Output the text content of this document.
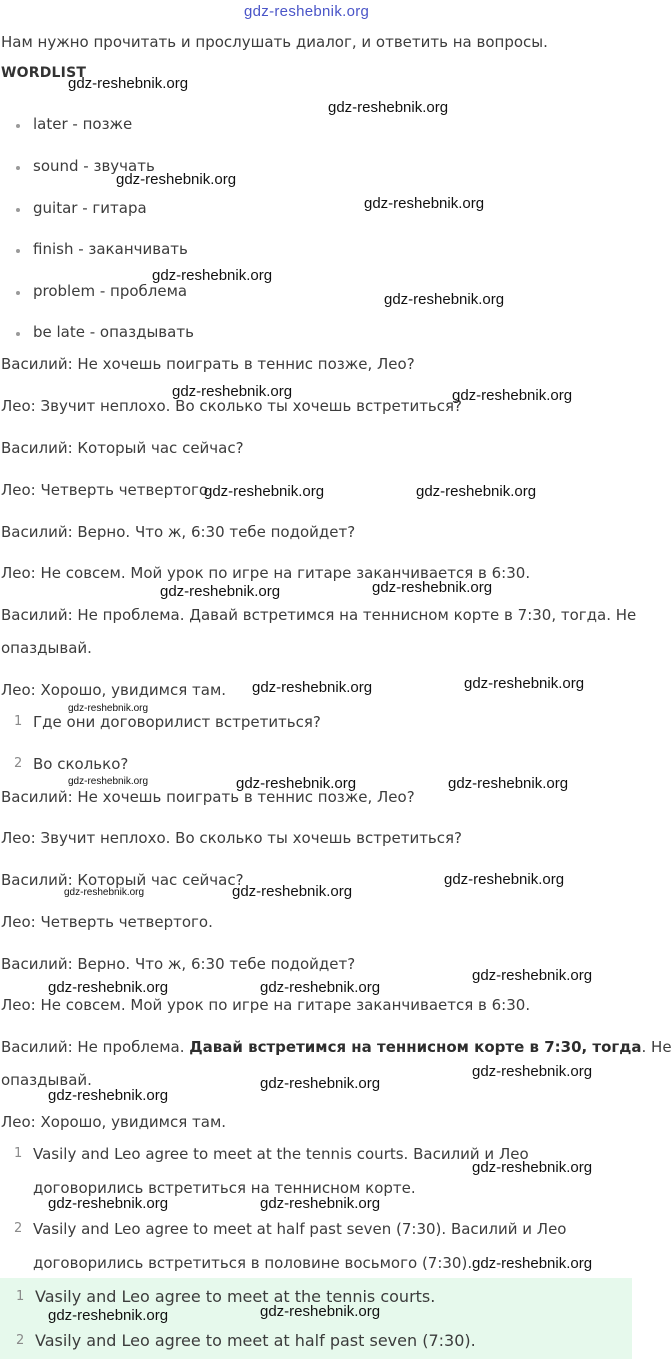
gdz-reshebnik.org
Нам нужно прочитать и прослушать диалог, и ответить на вопросы.
WORDLIST
later - позже
sound - звучать
guitar - гитара
finish - заканчивать
problem - проблема
be late - опаздывать
Василий: Не хочешь поиграть в теннис позже, Лео?
Лео: Звучит неплохо. Во сколько ты хочешь встретиться?
Василий: Который час сейчас?
Лео: Четверть четвертого.
Василий: Верно. Что ж, 6:30 тебе подойдет?
Лео: Не совсем. Мой урок по игре на гитаре заканчивается в 6:30.
Василий: Не проблема. Давай встретимся на теннисном корте в 7:30, тогда. Не
опаздывай.
Лео: Хорошо, увидимся там.
1 Где они договорилист встретиться?
2 Во сколько?
Василий: Не хочешь поиграть в теннис позже, Лео?
Лео: Звучит неплохо. Во сколько ты хочешь встретиться?
Василий: Который час сейчас?
Лео: Четверть четвертого.
Василий: Верно. Что ж, 6:30 тебе подойдет?
Лео: Не совсем. Мой урок по игре на гитаре заканчивается в 6:30.
Василий: Не проблема. Давай встретимся на теннисном корте в 7:30, тогда. Не
опаздывай.
Лео: Хорошо, увидимся там.
1 Vasily and Leo agree to meet at the tennis courts. Василий и Лео
договорились встретиться на теннисном корте.
2 Vasily and Leo agree to meet at half past seven (7:30). Василий и Лео
договорились встретиться в половине восьмого (7:30).
1 Vasily and Leo agree to meet at the tennis courts.
2 Vasily and Leo agree to meet at half past seven (7:30).
gdz-reshebnik.org
gdz-reshebnik.org
gdz-reshebnik.org
gdz-reshebnik.org
gdz-reshebnik.org
gdz-reshebnik.org
gdz-reshebnik.org	gdz-reshebnik.org
gdz-reshebnik.org	gdz-reshebnik.org
gdz-reshebnik.org	gdz-reshebnik.org
gdz-reshebnik.org	gdz-reshebnik.org
gdz-reshebnik.org
gdz-reshebnik.org	gdz-reshebnik.org	gdz-reshebnik.org
gdz-reshebnik.org	gdz-reshebnik.org
gdz-reshebnik.org
gdz-reshebnik.org	gdz-reshebnik.org
gdz-reshebnik.org
gdz-reshebnik.org
gdz-reshebnik.org
gdz-reshebnik.org
gdz-reshebnik.org
gdz-reshebnik.org	gdz-reshebnik.org
gdz-reshebnik.org
gdz-reshebnik.org	gdz-reshebnik.org
